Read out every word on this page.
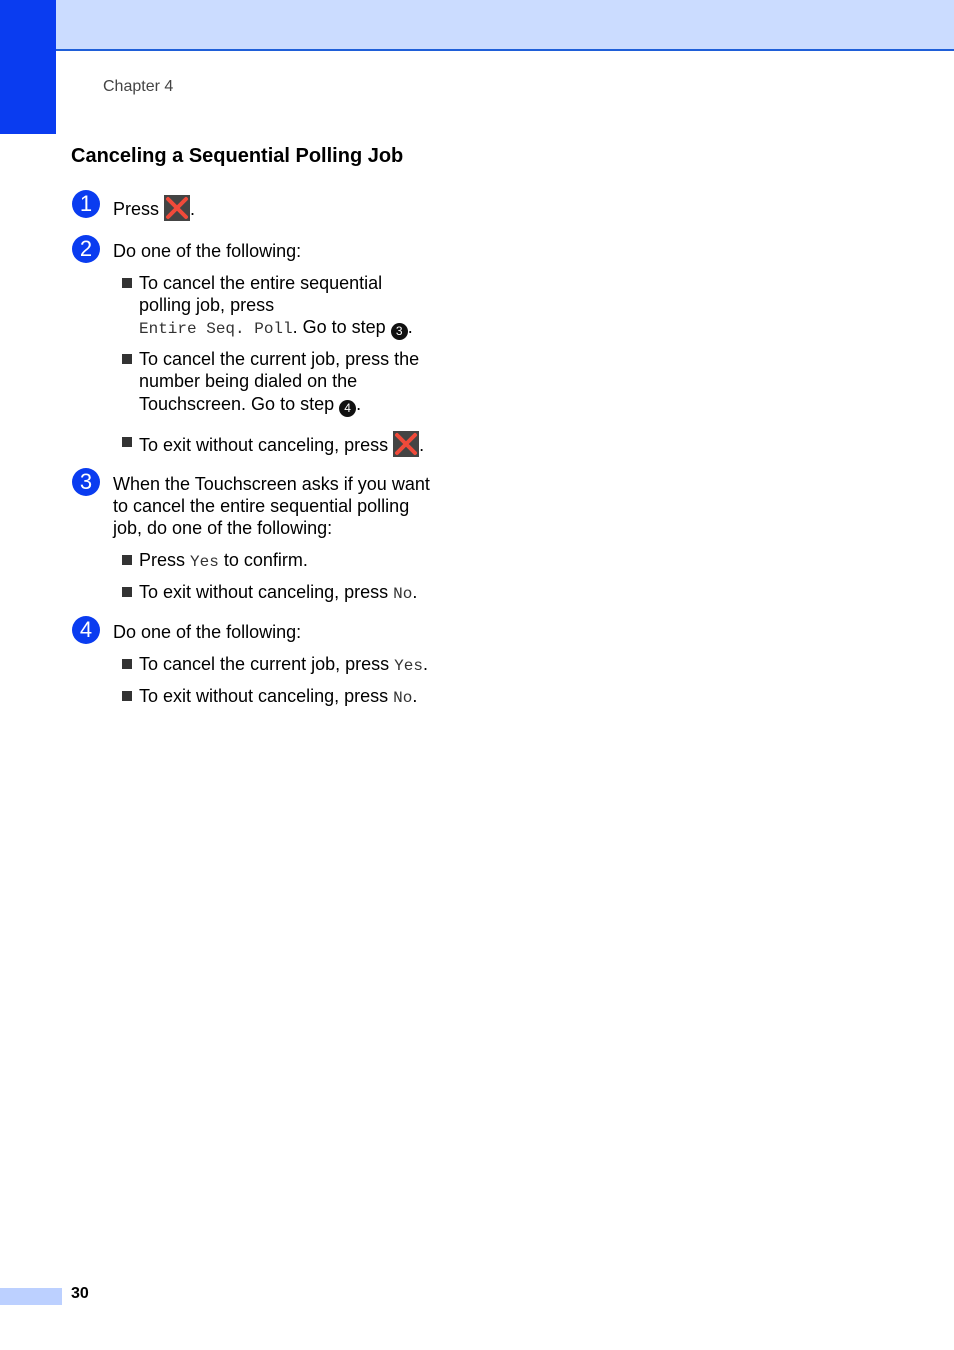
Chapter 4
Canceling a Sequential Polling Job
1	Press .
2	Do one of the following:
To cancel the entire sequential
polling job, press
Entire Seq. Poll. Go to step 3 .
To cancel the current job, press the
number being dialed on the
Touchscreen. Go to step 4 .
To exit without canceling, press .
3	When the Touchscreen asks if you want
to cancel the entire sequential polling
job, do one of the following:
Press Yes to confirm.
To exit without canceling, press No.
4	Do one of the following:
To cancel the current job, press Yes.
To exit without canceling, press No.
30
